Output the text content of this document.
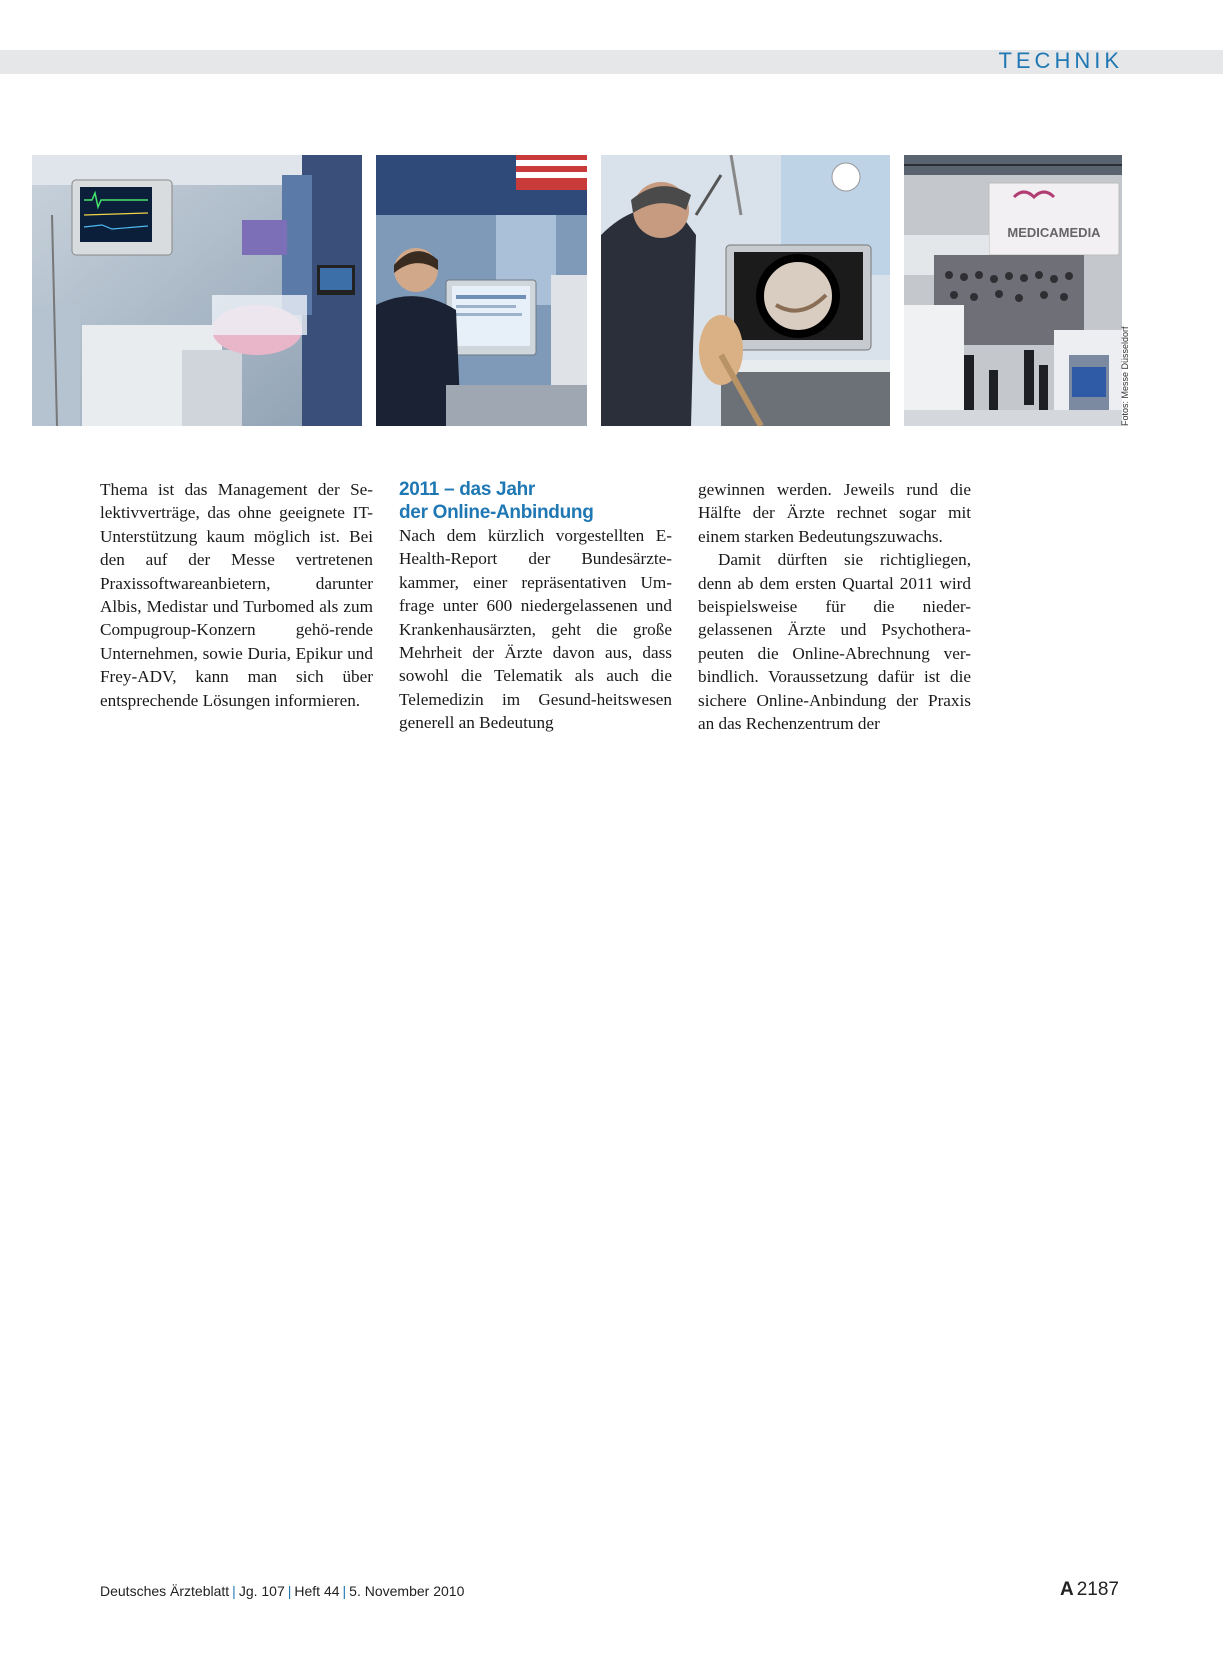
TECHNIK
MEDICAMEDIA
Fotos: Messe Düsseldorf

Thema ist das Management der Se-lektivverträge, das ohne geeignete IT-Unterstützung kaum möglich ist. Bei den auf der Messe vertretenen Praxissoftwareanbietern, darunter Albis, Medistar und Turbomed als zum Compugroup-Konzern gehö-rende Unternehmen, sowie Duria, Epikur und Frey-ADV, kann man sich über entsprechende Lösungen informieren.

2011 – das Jahr
der Online-Anbindung

Nach dem kürzlich vorgestellten E-Health-Report der Bundesärzte-kammer, einer repräsentativen Um-frage unter 600 niedergelassenen und Krankenhausärzten, geht die große Mehrheit der Ärzte davon aus, dass sowohl die Telematik als auch die Telemedizin im Gesund-heitswesen generell an Bedeutung

gewinnen werden. Jeweils rund die Hälfte der Ärzte rechnet sogar mit einem starken Bedeutungszuwachs.

Damit dürften sie richtigliegen, denn ab dem ersten Quartal 2011 wird beispielsweise für die nieder-gelassenen Ärzte und Psychothera-peuten die Online-Abrechnung ver-bindlich. Voraussetzung dafür ist die sichere Online-Anbindung der Praxis an das Rechenzentrum der

Deutsches Ärzteblatt | Jg. 107 | Heft 44 | 5. November 2010	A 2187
